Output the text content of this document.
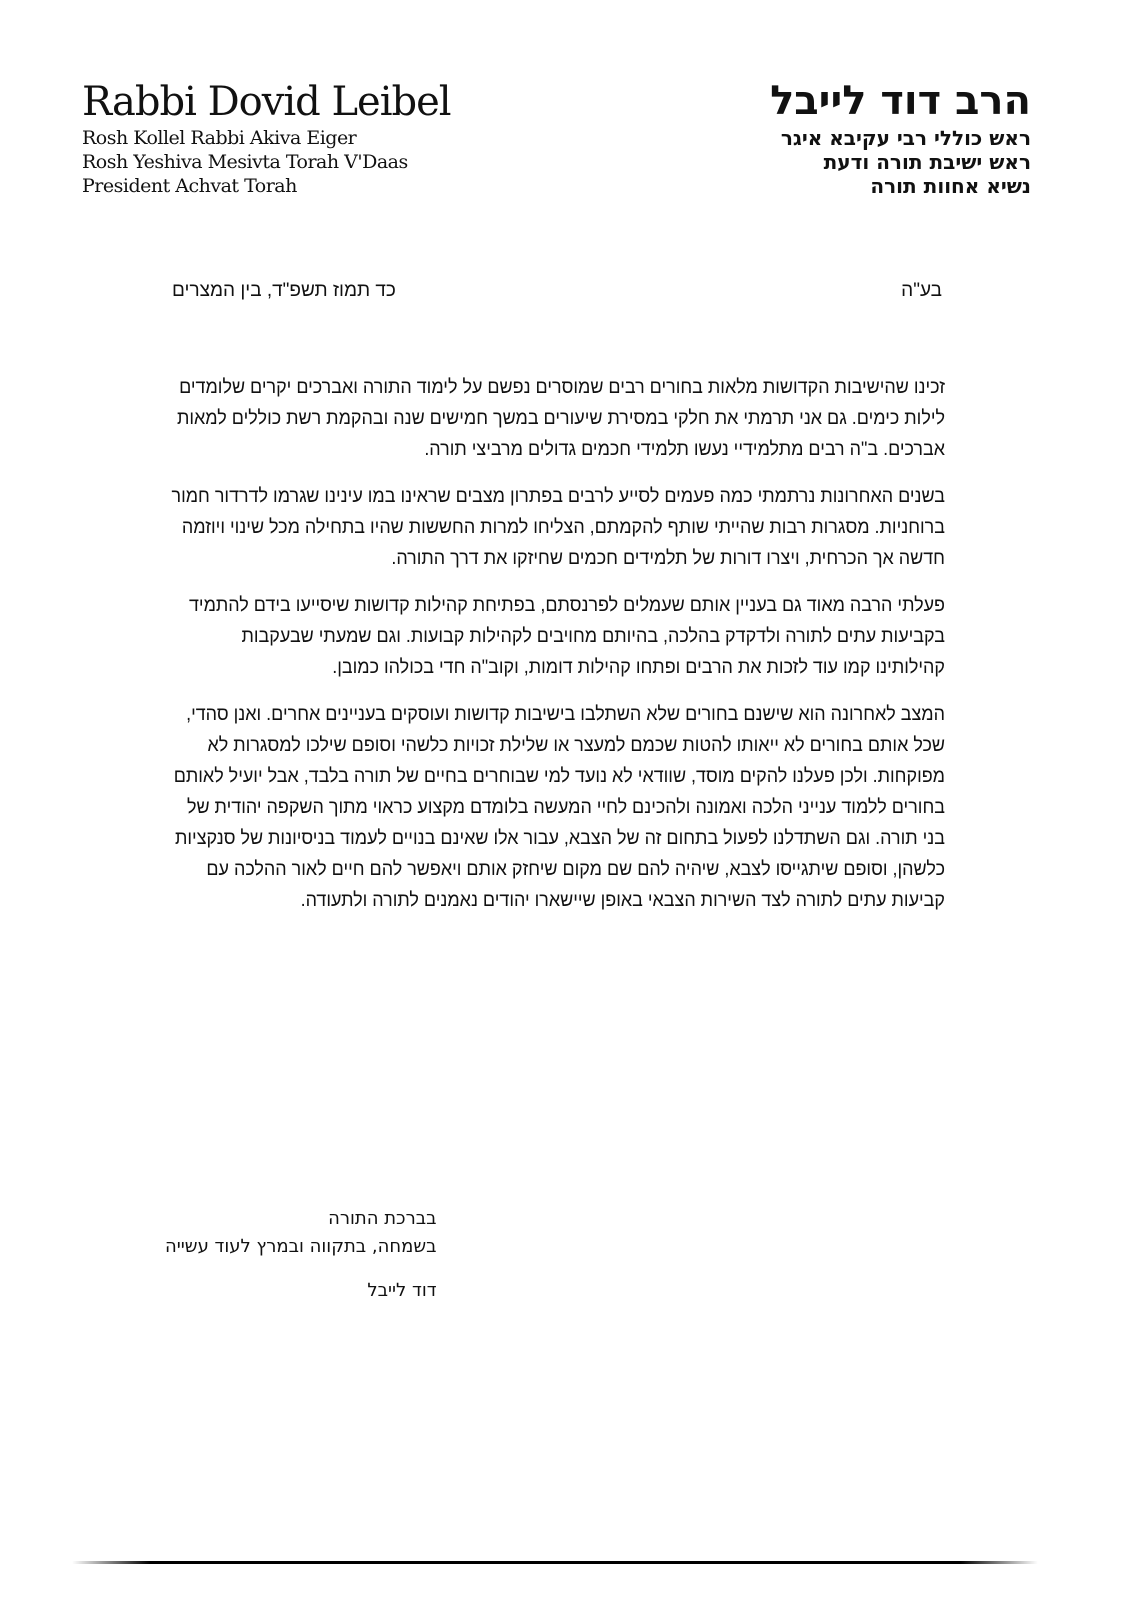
Rabbi Dovid Leibel
Rosh Kollel Rabbi Akiva Eiger
Rosh Yeshiva Mesivta Torah V'Daas
President Achvat Torah
הרב דוד לייבל
ראש כוללי רבי עקיבא איגר
ראש ישיבת תורה ודעת
נשיא אחוות תורה
בע"ה
כד תמוז תשפ"ד, בין המצרים

זכינו שהישיבות הקדושות מלאות בחורים רבים שמוסרים נפשם על לימוד התורה ואברכים יקרים שלומדים לילות כימים. גם אני תרמתי את חלקי במסירת שיעורים במשך חמישים שנה ובהקמת רשת כוללים למאות אברכים. ב"ה רבים מתלמידיי נעשו תלמידי חכמים גדולים מרביצי תורה.

בשנים האחרונות נרתמתי כמה פעמים לסייע לרבים בפתרון מצבים שראינו במו עינינו שגרמו לדרדור חמור ברוחניות. מסגרות רבות שהייתי שותף להקמתם, הצליחו למרות החששות שהיו בתחילה מכל שינוי ויוזמה חדשה אך הכרחית, ויצרו דורות של תלמידים חכמים שחיזקו את דרך התורה.

פעלתי הרבה מאוד גם בעניין אותם שעמלים לפרנסתם, בפתיחת קהילות קדושות שיסייעו בידם להתמיד בקביעות עתים לתורה ולדקדק בהלכה, בהיותם מחויבים לקהילות קבועות. וגם שמעתי שבעקבות קהילותינו קמו עוד לזכות את הרבים ופתחו קהילות דומות, וקוב"ה חדי בכולהו כמובן.

המצב לאחרונה הוא שישנם בחורים שלא השתלבו בישיבות קדושות ועוסקים בעניינים אחרים. ואנן סהדי, שכל אותם בחורים לא ייאותו להטות שכמם למעצר או שלילת זכויות כלשהי וסופם שילכו למסגרות לא מפוקחות. ולכן פעלנו להקים מוסד, שוודאי לא נועד למי שבוחרים בחיים של תורה בלבד, אבל יועיל לאותם בחורים ללמוד ענייני הלכה ואמונה ולהכינם לחיי המעשה בלומדם מקצוע כראוי מתוך השקפה יהודית של בני תורה. וגם השתדלנו לפעול בתחום זה של הצבא, עבור אלו שאינם בנויים לעמוד בניסיונות של סנקציות כלשהן, וסופם שיתגייסו לצבא, שיהיה להם שם מקום שיחזק אותם ויאפשר להם חיים לאור ההלכה עם קביעות עתים לתורה לצד השירות הצבאי באופן שיישארו יהודים נאמנים לתורה ולתעודה.

בברכת התורה
בשמחה, בתקווה ובמרץ לעוד עשייה
דוד לייבל
